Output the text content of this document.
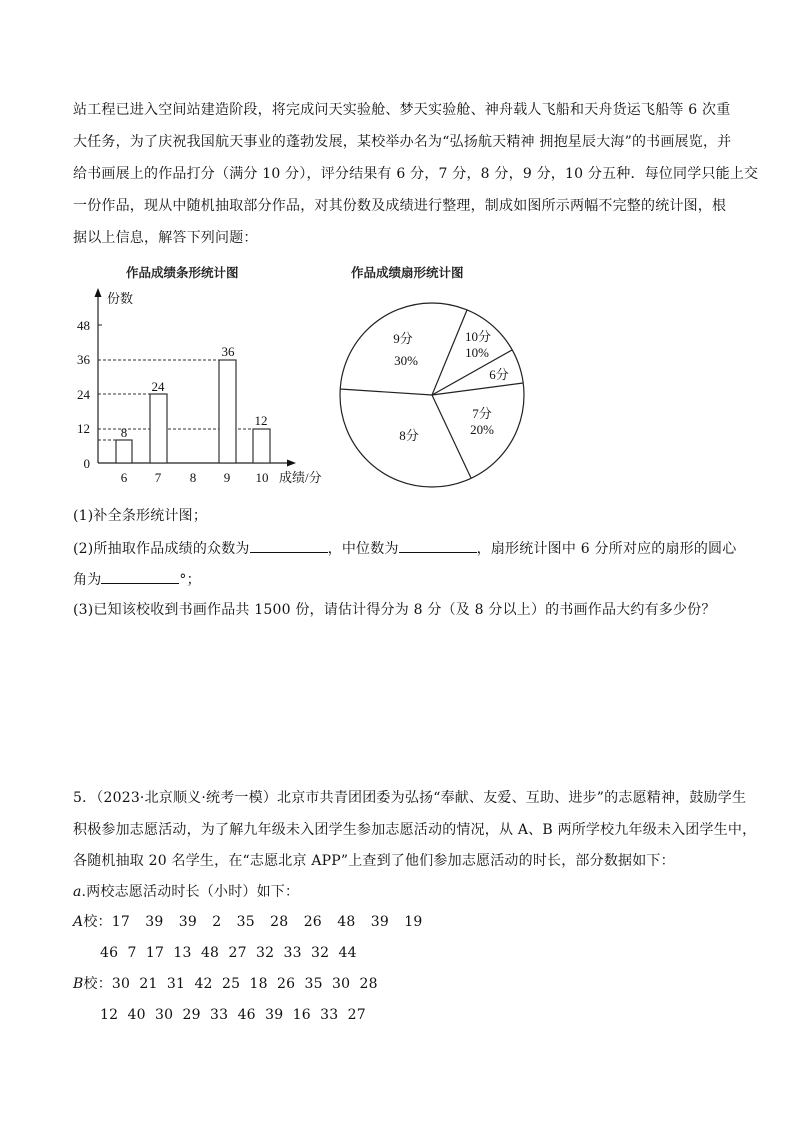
站工程已进入空间站建造阶段，将完成问天实验舱、梦天实验舱、神舟载人飞船和天舟货运飞船等 6 次重
大任务，为了庆祝我国航天事业的蓬勃发展，某校举办名为“弘扬航天精神 拥抱星辰大海”的书画展览，并
给书画展上的作品打分（满分 10 分），评分结果有 6 分，7 分，8 分，9 分，10 分五种．每位同学只能上交
一份作品，现从中随机抽取部分作品，对其份数及成绩进行整理，制成如图所示两幅不完整的统计图，根
据以上信息，解答下列问题：
作品成绩条形统计图
48
36
24
12
0
份数
8
24
36
12
6 7 8 9 10 成绩/分
作品成绩扇形统计图
9分
30%
10分
10%
6分
7分
20%
8分
(1)补全条形统计图；
(2)所抽取作品成绩的众数为	，中位数为	，扇形统计图中 6 分所对应的扇形的圆心
角为	°；
(3)已知该校收到书画作品共 1500 份，请估计得分为 8 分（及 8 分以上）的书画作品大约有多少份？
5．（2023·北京顺义·统考一模）北京市共青团团委为弘扬“奉献、友爱、互助、进步”的志愿精神，鼓励学生
积极参加志愿活动，为了解九年级未入团学生参加志愿活动的情况，从 A、B 两所学校九年级未入团学生中，
各随机抽取 20 名学生，在“志愿北京 APP”上查到了他们参加志愿活动的时长，部分数据如下：
a.两校志愿活动时长（小时）如下：
A校：17  39  39  2  35  28  26  48  39  19
46  7  17  13  48  27  32  33  32  44
B校：30  21  31  42  25  18  26  35  30  28
12  40  30  29  33  46  39  16  33  27
